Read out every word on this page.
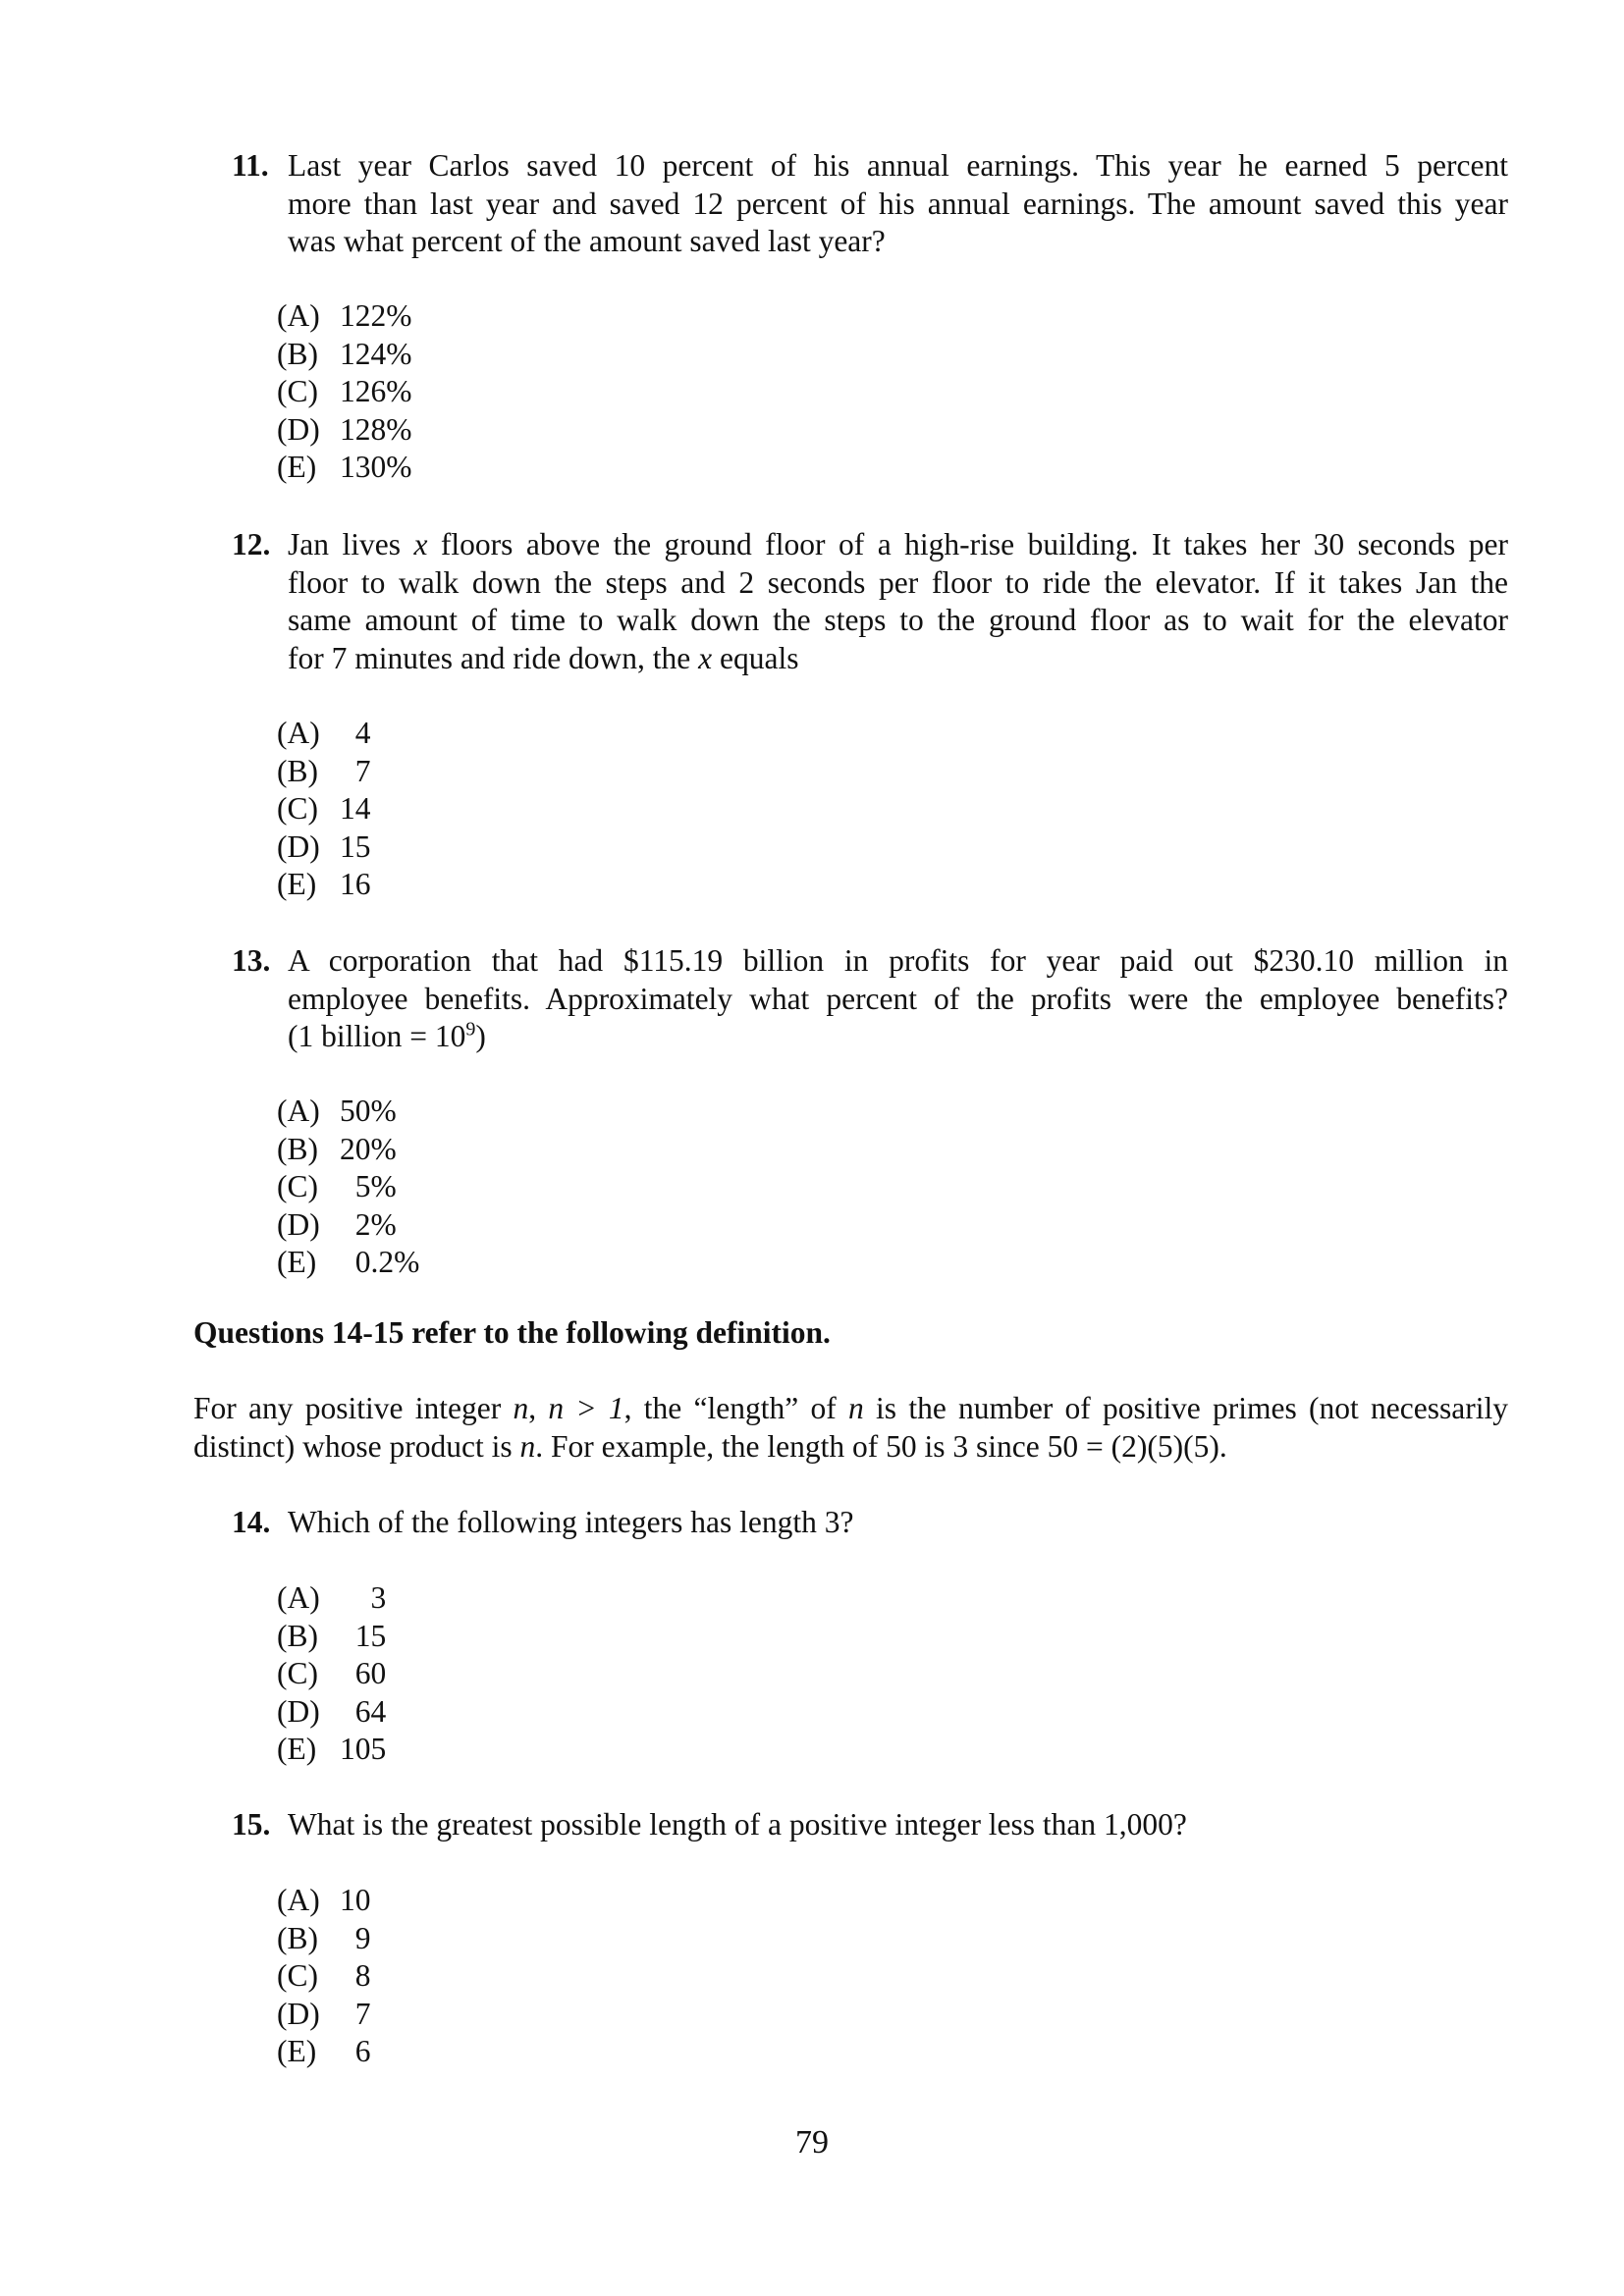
11. Last year Carlos saved 10 percent of his annual earnings. This year he earned 5 percent
more than last year and saved 12 percent of his annual earnings. The amount saved this year
was what percent of the amount saved last year?
(A) 122%
(B) 124%
(C) 126%
(D) 128%
(E) 130%
12. Jan lives x floors above the ground floor of a high-rise building. It takes her 30 seconds per
floor to walk down the steps and 2 seconds per floor to ride the elevator. If it takes Jan the
same amount of time to walk down the steps to the ground floor as to wait for the elevator
for 7 minutes and ride down, the x equals
(A) 4
(B) 7
(C) 14
(D) 15
(E) 16
13. A corporation that had $115.19 billion in profits for year paid out $230.10 million in
employee benefits. Approximately what percent of the profits were the employee benefits?
(1 billion = $10^9$)
(A) 50%
(B) 20%
(C) 5%
(D) 2%
(E) 0.2%
Questions 14-15 refer to the following definition.
For any positive integer n, n > 1, the “length” of n is the number of positive primes (not necessarily
distinct) whose product is n. For example, the length of 50 is 3 since 50 = (2)(5)(5).
14. Which of the following integers has length 3?
(A) 3
(B) 15
(C) 60
(D) 64
(E) 105
15. What is the greatest possible length of a positive integer less than 1,000?
(A) 10
(B) 9
(C) 8
(D) 7
(E) 6
79
